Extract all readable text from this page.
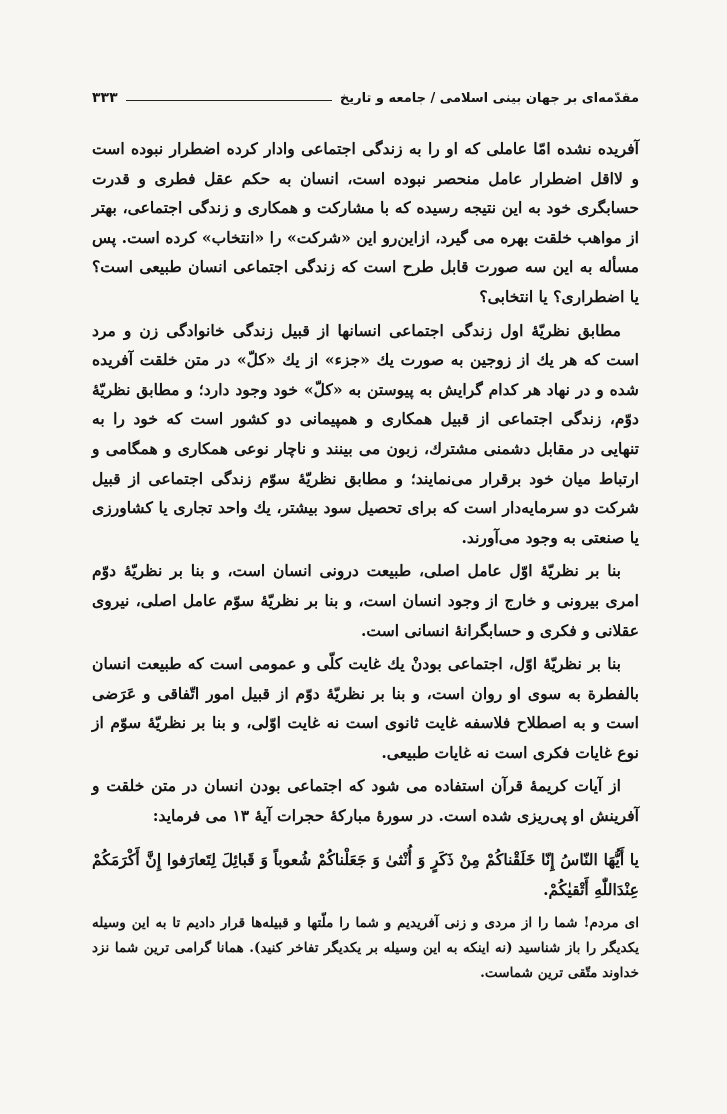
مقدّمه‌ای بر جهان بینی اسلامی / جامعه و تاریخ
۳۳۳

آفریده نشده امّا عاملی که او را به زندگی اجتماعی وادار کرده اضطرار نبوده است و لااقل اضطرار عامل منحصر نبوده است، انسان به حکم عقل فطری و قدرت حسابگری خود به این نتیجه رسیده که با مشارکت و همکاری و زندگی اجتماعی، بهتر از مواهب خلقت بهره می گیرد، ازاین‌رو این «شرکت» را «انتخاب» کرده است. پس مسأله به این سه صورت قابل طرح است که زندگی اجتماعی انسان طبیعی است؟ یا اضطراری؟ یا انتخابی؟

مطابق نظریّهٔ اول زندگی اجتماعی انسانها از قبیل زندگی خانوادگی زن و مرد است که هر یك از زوجین به صورت یك «جزء» از یك «کلّ» در متن خلقت آفریده شده و در نهاد هر کدام گرایش به پیوستن به «کلّ» خود وجود دارد؛ و مطابق نظریّهٔ دوّم، زندگی اجتماعی از قبیل همکاری و همپیمانی دو کشور است که خود را به تنهایی در مقابل دشمنی مشترك، زبون می بینند و ناچار نوعی همکاری و همگامی و ارتباط میان خود برقرار می‌نمایند؛ و مطابق نظریّهٔ سوّم زندگی اجتماعی از قبیل شرکت دو سرمایه‌دار است که برای تحصیل سود بیشتر، یك واحد تجاری یا کشاورزی یا صنعتی به وجود می‌آورند.

بنا بر نظریّهٔ اوّل عامل اصلی، طبیعت درونی انسان است، و بنا بر نظریّهٔ دوّم امری بیرونی و خارج از وجود انسان است، و بنا بر نظریّهٔ سوّم عامل اصلی، نیروی عقلانی و فکری و حسابگرانهٔ انسانی است.

بنا بر نظریّهٔ اوّل، اجتماعی بودنْ یك غایت کلّی و عمومی است که طبیعت انسان بالفطرة به سوی او روان است، و بنا بر نظریّهٔ دوّم از قبیل امور اتّفاقی و عَرَضی است و به اصطلاح فلاسفه غایت ثانوی است نه غایت اوّلی، و بنا بر نظریّهٔ سوّم از نوع غایات فکری است نه غایات طبیعی.

از آیات کریمهٔ قرآن استفاده می شود که اجتماعی بودن انسان در متن خلقت و آفرینش او پی‌ریزی شده است. در سورهٔ مبارکهٔ حجرات آیهٔ ۱۳ می فرماید:

یا أَیُّهَا النّاسُ إِنّا خَلَقْناکُمْ مِنْ ذَکَرٍ وَ أُنْثیٰ وَ جَعَلْناکُمْ شُعوباً وَ قَبائِلَ لِتَعارَفوا إِنَّ أَکْرَمَکُمْ عِنْدَاللّٰهِ أَتْقیٰکُمْ.

ای مردم! شما را از مردی و زنی آفریدیم و شما را ملّتها و قبیله‌ها قرار دادیم تا به این وسیله یکدیگر را باز شناسید (نه اینکه به این وسیله بر یکدیگر تفاخر کنید). همانا گرامی ترین شما نزد خداوند متّقی ترین شماست.
